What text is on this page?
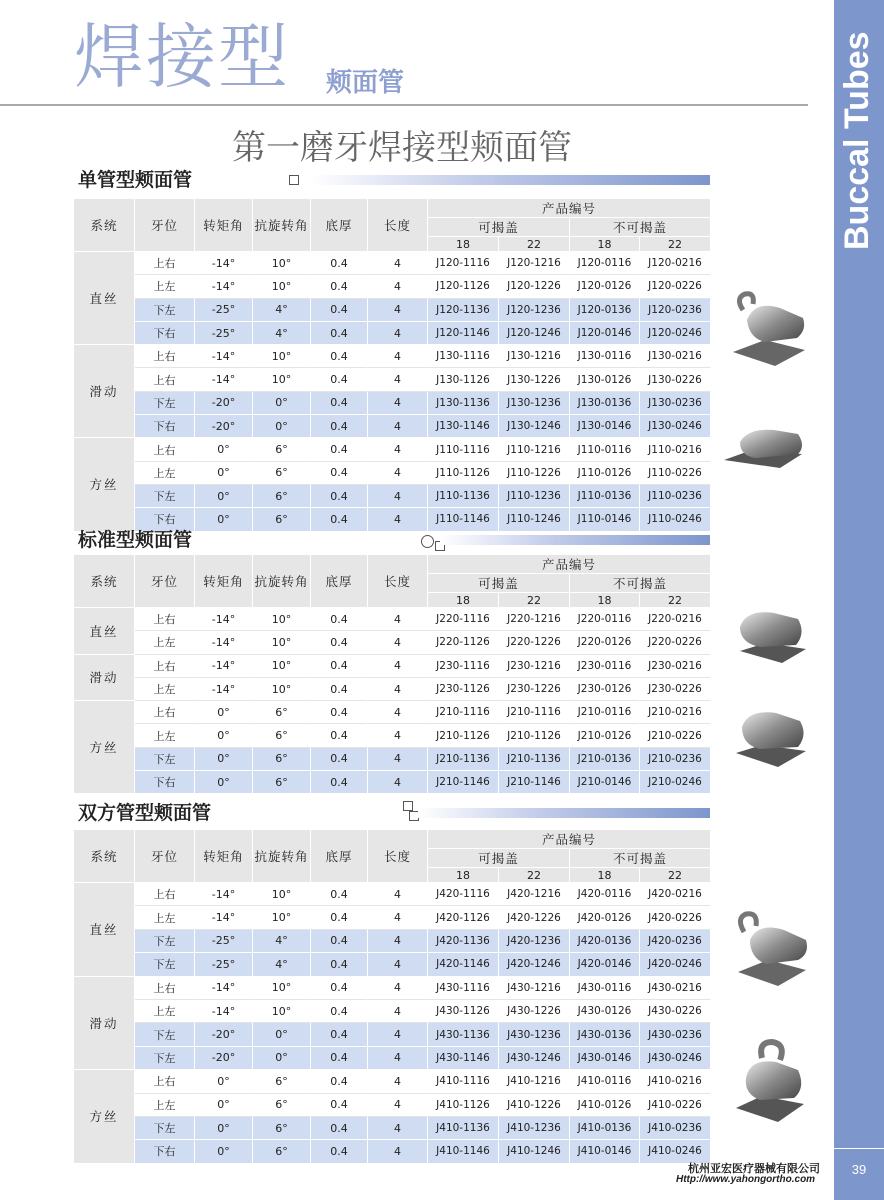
Buccal Tubes
39
焊接型 颊面管
第一磨牙焊接型颊面管
单管型颊面管
系统	牙位	转矩角	抗旋转角	底厚	长度	产品编号			
						可揭盖		不可揭盖	
						18	22	18	22
直丝	上右	-14°	10°	0.4	4	J120-1116	J120-1216	J120-0116	J120-0216
	上左	-14°	10°	0.4	4	J120-1126	J120-1226	J120-0126	J120-0226
	下左	-25°	4°	0.4	4	J120-1136	J120-1236	J120-0136	J120-0236
	下右	-25°	4°	0.4	4	J120-1146	J120-1246	J120-0146	J120-0246
滑动	上右	-14°	10°	0.4	4	J130-1116	J130-1216	J130-0116	J130-0216
	上右	-14°	10°	0.4	4	J130-1126	J130-1226	J130-0126	J130-0226
	下左	-20°	0°	0.4	4	J130-1136	J130-1236	J130-0136	J130-0236
	下右	-20°	0°	0.4	4	J130-1146	J130-1246	J130-0146	J130-0246
方丝	上右	0°	6°	0.4	4	J110-1116	J110-1216	J110-0116	J110-0216
	上左	0°	6°	0.4	4	J110-1126	J110-1226	J110-0126	J110-0226
	下左	0°	6°	0.4	4	J110-1136	J110-1236	J110-0136	J110-0236
	下右	0°	6°	0.4	4	J110-1146	J110-1246	J110-0146	J110-0246
标准型颊面管
系统	牙位	转矩角	抗旋转角	底厚	长度	产品编号			
						可揭盖		不可揭盖	
						18	22	18	22
直丝	上右	-14°	10°	0.4	4	J220-1116	J220-1216	J220-0116	J220-0216
	上左	-14°	10°	0.4	4	J220-1126	J220-1226	J220-0126	J220-0226
滑动	上右	-14°	10°	0.4	4	J230-1116	J230-1216	J230-0116	J230-0216
	上左	-14°	10°	0.4	4	J230-1126	J230-1226	J230-0126	J230-0226
方丝	上右	0°	6°	0.4	4	J210-1116	J210-1116	J210-0116	J210-0216
	上左	0°	6°	0.4	4	J210-1126	J210-1126	J210-0126	J210-0226
	下左	0°	6°	0.4	4	J210-1136	J210-1136	J210-0136	J210-0236
	下右	0°	6°	0.4	4	J210-1146	J210-1146	J210-0146	J210-0246
双方管型颊面管
系统	牙位	转矩角	抗旋转角	底厚	长度	产品编号			
						可揭盖		不可揭盖	
						18	22	18	22
直丝	上右	-14°	10°	0.4	4	J420-1116	J420-1216	J420-0116	J420-0216
	上左	-14°	10°	0.4	4	J420-1126	J420-1226	J420-0126	J420-0226
	下左	-25°	4°	0.4	4	J420-1136	J420-1236	J420-0136	J420-0236
	下左	-25°	4°	0.4	4	J420-1146	J420-1246	J420-0146	J420-0246
滑动	上右	-14°	10°	0.4	4	J430-1116	J430-1216	J430-0116	J430-0216
	上左	-14°	10°	0.4	4	J430-1126	J430-1226	J430-0126	J430-0226
	下左	-20°	0°	0.4	4	J430-1136	J430-1236	J430-0136	J430-0236
	下左	-20°	0°	0.4	4	J430-1146	J430-1246	J430-0146	J430-0246
方丝	上右	0°	6°	0.4	4	J410-1116	J410-1216	J410-0116	J410-0216
	上左	0°	6°	0.4	4	J410-1126	J410-1226	J410-0126	J410-0226
	下左	0°	6°	0.4	4	J410-1136	J410-1236	J410-0136	J410-0236
	下右	0°	6°	0.4	4	J410-1146	J410-1246	J410-0146	J410-0246
杭州亚宏医疗器械有限公司
Http://www.yahongortho.com
